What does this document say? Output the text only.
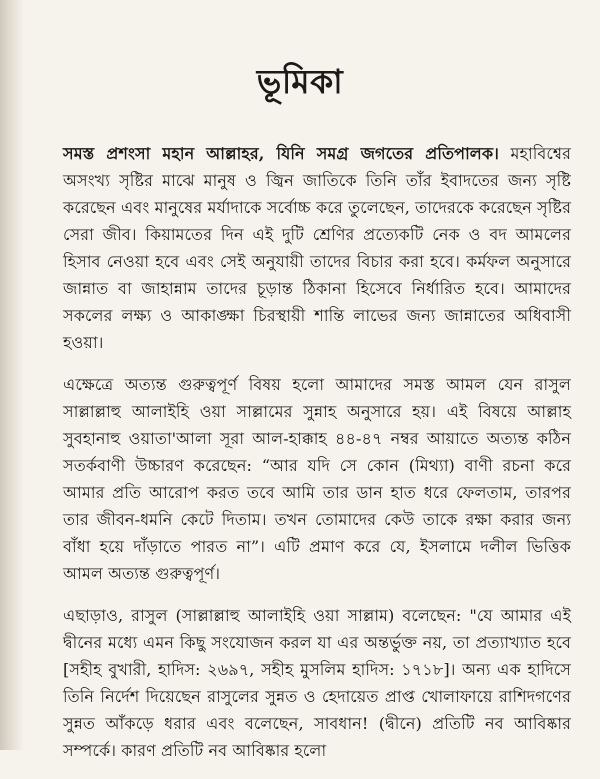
ভূমিকা

সমস্ত প্রশংসা মহান আল্লাহর, যিনি সমগ্র জগতের প্রতিপালক। মহাবিশ্বের অসংখ্য সৃষ্টির মাঝে মানুষ ও জ্বিন জাতিকে তিনি তাঁর ইবাদতের জন্য সৃষ্টি করেছেন এবং মানুষের মর্যাদাকে সর্বোচ্চ করে তুলেছেন, তাদেরকে করেছেন সৃষ্টির সেরা জীব। কিয়ামতের দিন এই দুটি শ্রেণির প্রত্যেকটি নেক ও বদ আমলের হিসাব নেওয়া হবে এবং সেই অনুযায়ী তাদের বিচার করা হবে। কর্মফল অনুসারে জান্নাত বা জাহান্নাম তাদের চূড়ান্ত ঠিকানা হিসেবে নির্ধারিত হবে। আমাদের সকলের লক্ষ্য ও আকাঙ্ক্ষা চিরস্থায়ী শান্তি লাভের জন্য জান্নাতের অধিবাসী হওয়া।

এক্ষেত্রে অত্যন্ত গুরুত্বপূর্ণ বিষয় হলো আমাদের সমস্ত আমল যেন রাসুল সাল্লাল্লাহু আলাইহি ওয়া সাল্লামের সুন্নাহ অনুসারে হয়। এই বিষয়ে আল্লাহ সুবহানাহু ওয়াতা'আলা সূরা আল-হাক্কাহ ৪৪-৪৭ নম্বর আয়াতে অত্যন্ত কঠিন সতর্কবাণী উচ্চারণ করেছেন: “আর যদি সে কোন (মিথ্যা) বাণী রচনা করে আমার প্রতি আরোপ করত তবে আমি তার ডান হাত ধরে ফেলতাম, তারপর তার জীবন-ধমনি কেটে দিতাম। তখন তোমাদের কেউ তাকে রক্ষা করার জন্য বাঁধা হয়ে দাঁড়াতে পারত না”। এটি প্রমাণ করে যে, ইসলামে দলীল ভিত্তিক আমল অত্যন্ত গুরুত্বপূর্ণ।

এছাড়াও, রাসুল (সাল্লাল্লাহু আলাইহি ওয়া সাল্লাম) বলেছেন: "যে আমার এই দ্বীনের মধ্যে এমন কিছু সংযোজন করল যা এর অন্তর্ভুক্ত নয়, তা প্রত্যাখ্যাত হবে [সহীহ বুখারী, হাদিস: ২৬৯৭, সহীহ মুসলিম হাদিস: ১৭১৮]। অন্য এক হাদিসে তিনি নির্দেশ দিয়েছেন রাসুলের সুন্নত ও হেদায়েত প্রাপ্ত খোলাফায়ে রাশিদগণের সুন্নত আঁকড়ে ধরার এবং বলেছেন, সাবধান! (দ্বীনে) প্রতিটি নব আবিষ্কার সম্পর্কে। কারণ প্রতিটি নব আবিষ্কার হলো
